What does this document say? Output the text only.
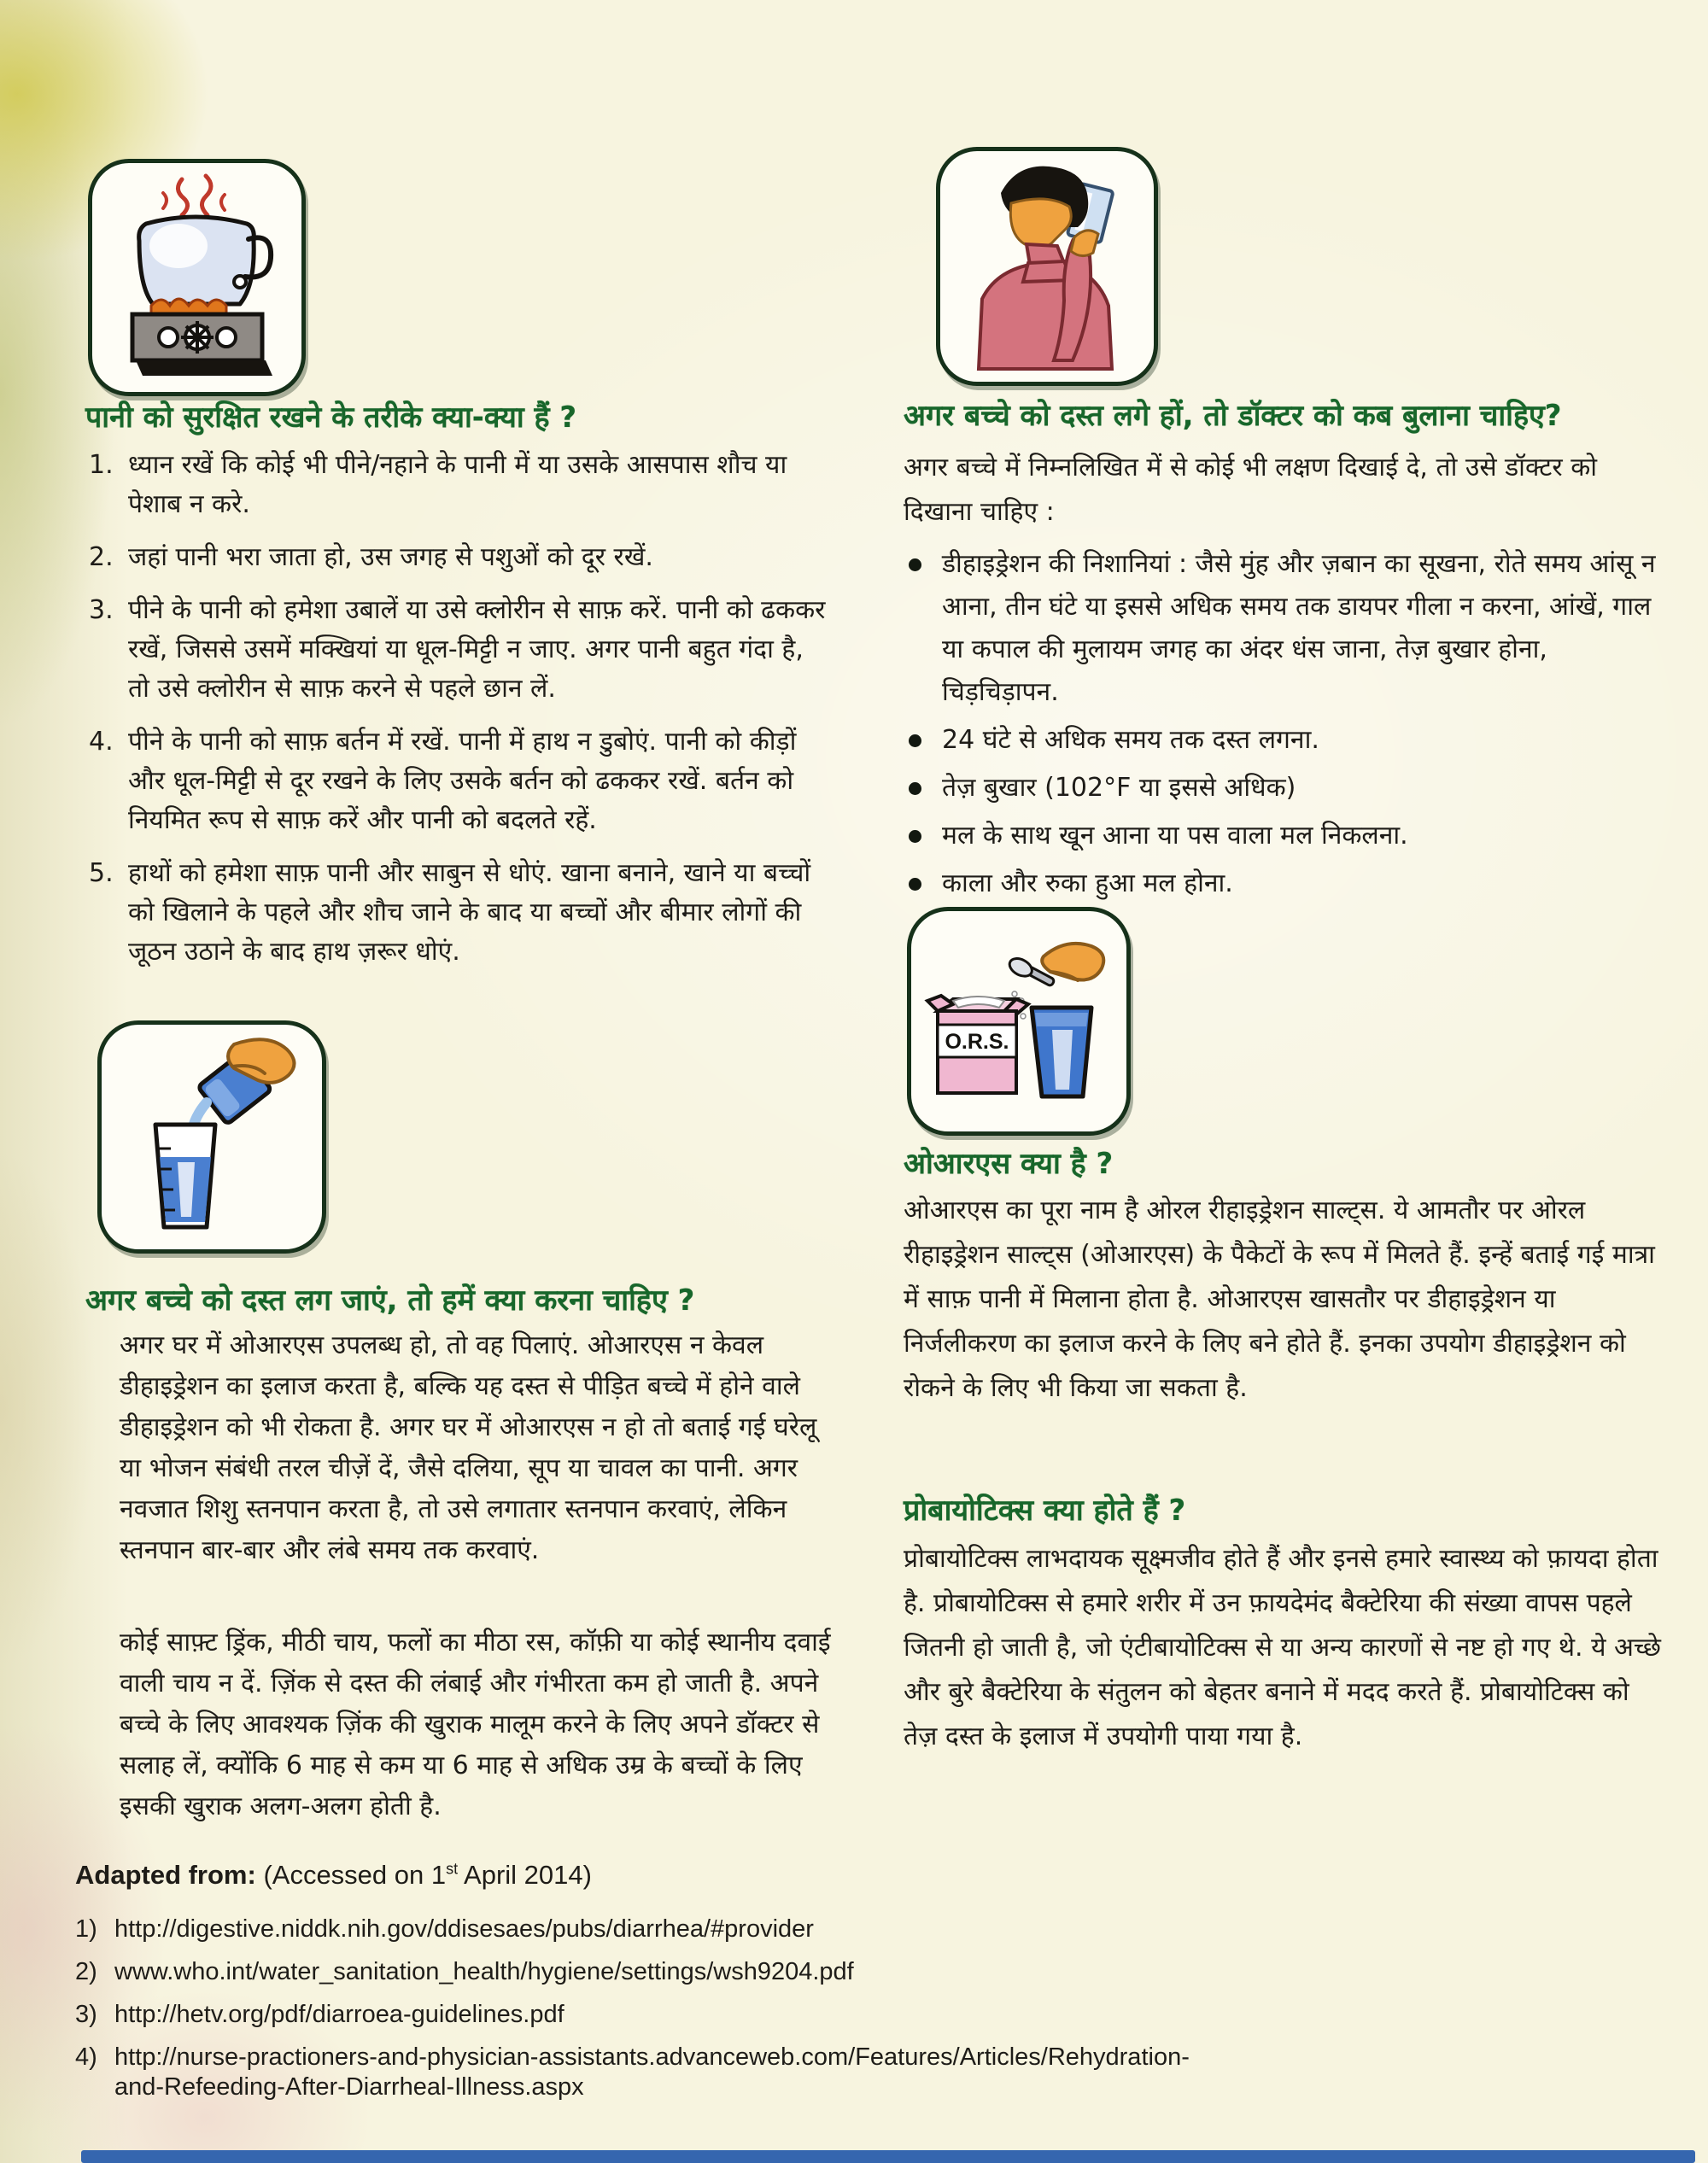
पानी को सुरक्षित रखने के तरीके क्या-क्या हैं ?
1. ध्यान रखें कि कोई भी पीने/नहाने के पानी में या उसके आसपास शौच या पेशाब न करे.
2. जहां पानी भरा जाता हो, उस जगह से पशुओं को दूर रखें.
3. पीने के पानी को हमेशा उबालें या उसे क्लोरीन से साफ़ करें. पानी को ढककर रखें, जिससे उसमें मक्खियां या धूल-मिट्टी न जाए. अगर पानी बहुत गंदा है, तो उसे क्लोरीन से साफ़ करने से पहले छान लें.
4. पीने के पानी को साफ़ बर्तन में रखें. पानी में हाथ न डुबोएं. पानी को कीड़ों और धूल-मिट्टी से दूर रखने के लिए उसके बर्तन को ढककर रखें. बर्तन को नियमित रूप से साफ़ करें और पानी को बदलते रहें.
5. हाथों को हमेशा साफ़ पानी और साबुन से धोएं. खाना बनाने, खाने या बच्चों को खिलाने के पहले और शौच जाने के बाद या बच्चों और बीमार लोगों की जूठन उठाने के बाद हाथ ज़रूर धोएं.
अगर बच्चे को दस्त लग जाएं, तो हमें क्या करना चाहिए ?
अगर घर में ओआरएस उपलब्ध हो, तो वह पिलाएं. ओआरएस न केवल डीहाइड्रेशन का इलाज करता है, बल्कि यह दस्त से पीड़ित बच्चे में होने वाले डीहाइड्रेशन को भी रोकता है. अगर घर में ओआरएस न हो तो बताई गई घरेलू या भोजन संबंधी तरल चीज़ें दें, जैसे दलिया, सूप या चावल का पानी. अगर नवजात शिशु स्तनपान करता है, तो उसे लगातार स्तनपान करवाएं, लेकिन स्तनपान बार-बार और लंबे समय तक करवाएं.
कोई साफ़्ट ड्रिंक, मीठी चाय, फलों का मीठा रस, कॉफ़ी या कोई स्थानीय दवाई वाली चाय न दें. ज़िंक से दस्त की लंबाई और गंभीरता कम हो जाती है. अपने बच्चे के लिए आवश्यक ज़िंक की खुराक मालूम करने के लिए अपने डॉक्टर से सलाह लें, क्योंकि 6 माह से कम या 6 माह से अधिक उम्र के बच्चों के लिए इसकी खुराक अलग-अलग होती है.
अगर बच्चे को दस्त लगे हों, तो डॉक्टर को कब बुलाना चाहिए?
अगर बच्चे में निम्नलिखित में से कोई भी लक्षण दिखाई दे, तो उसे डॉक्टर को दिखाना चाहिए :
डीहाइड्रेशन की निशानियां : जैसे मुंह और ज़बान का सूखना, रोते समय आंसू न आना, तीन घंटे या इससे अधिक समय तक डायपर गीला न करना, आंखें, गाल या कपाल की मुलायम जगह का अंदर धंस जाना, तेज़ बुखार होना, चिड़चिड़ापन.
24 घंटे से अधिक समय तक दस्त लगना.
तेज़ बुखार (102°F या इससे अधिक)
मल के साथ खून आना या पस वाला मल निकलना.
काला और रुका हुआ मल होना.
O.R.S.
ओआरएस क्या है ?
ओआरएस का पूरा नाम है ओरल रीहाइड्रेशन साल्ट्स. ये आमतौर पर ओरल रीहाइड्रेशन साल्ट्स (ओआरएस) के पैकेटों के रूप में मिलते हैं. इन्हें बताई गई मात्रा में साफ़ पानी में मिलाना होता है. ओआरएस खासतौर पर डीहाइड्रेशन या निर्जलीकरण का इलाज करने के लिए बने होते हैं. इनका उपयोग डीहाइड्रेशन को रोकने के लिए भी किया जा सकता है.
प्रोबायोटिक्स क्या होते हैं ?
प्रोबायोटिक्स लाभदायक सूक्ष्मजीव होते हैं और इनसे हमारे स्वास्थ्य को फ़ायदा होता है. प्रोबायोटिक्स से हमारे शरीर में उन फ़ायदेमंद बैक्टेरिया की संख्या वापस पहले जितनी हो जाती है, जो एंटीबायोटिक्स से या अन्य कारणों से नष्ट हो गए थे. ये अच्छे और बुरे बैक्टेरिया के संतुलन को बेहतर बनाने में मदद करते हैं. प्रोबायोटिक्स को तेज़ दस्त के इलाज में उपयोगी पाया गया है.
Adapted from: (Accessed on 1st April 2014)
1) http://digestive.niddk.nih.gov/ddisesaes/pubs/diarrhea/#provider
2) www.who.int/water_sanitation_health/hygiene/settings/wsh9204.pdf
3) http://hetv.org/pdf/diarroea-guidelines.pdf
4) http://nurse-practioners-and-physician-assistants.advanceweb.com/Features/Articles/Rehydration-
and-Refeeding-After-Diarrheal-Illness.aspx
